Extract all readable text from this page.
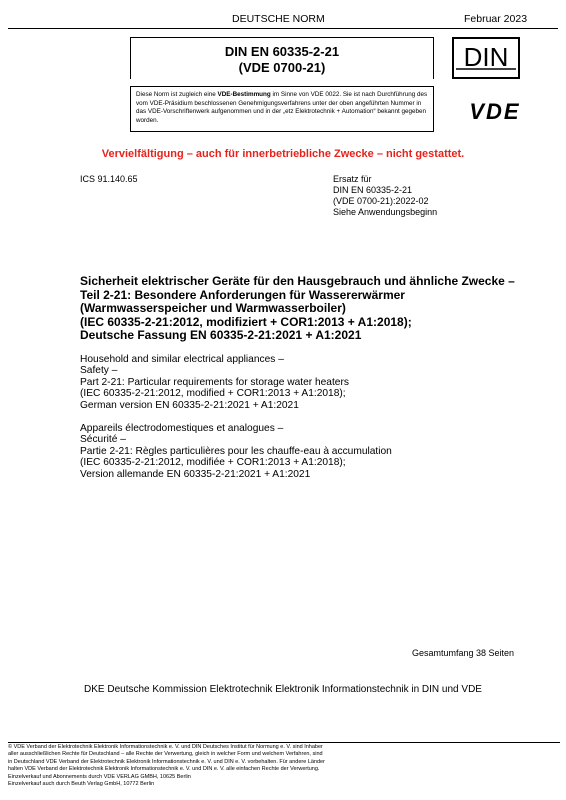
DEUTSCHE NORM	Februar 2023
DIN EN 60335-2-21
(VDE 0700-21)	DIN
Diese Norm ist zugleich eine VDE-Bestimmung im Sinne von VDE 0022. Sie ist nach Durchführung des vom VDE-Präsidium beschlossenen Genehmigungsverfahrens unter der oben angeführten Nummer in das VDE-Vorschriftenwerk aufgenommen und in der „etz Elektrotechnik + Automation“ bekannt gegeben worden.	VDE
Vervielfältigung – auch für innerbetriebliche Zwecke – nicht gestattet.
ICS 91.140.65	Ersatz für
DIN EN 60335-2-21
(VDE 0700-21):2022-02
Siehe Anwendungsbeginn
Sicherheit elektrischer Geräte für den Hausgebrauch und ähnliche Zwecke –
Teil 2-21: Besondere Anforderungen für Wassererwärmer
(Warmwasserspeicher und Warmwasserboiler)
(IEC 60335-2-21:2012, modifiziert + COR1:2013 + A1:2018);
Deutsche Fassung EN 60335-2-21:2021 + A1:2021
Household and similar electrical appliances –
Safety –
Part 2-21: Particular requirements for storage water heaters
(IEC 60335-2-21:2012, modified + COR1:2013 + A1:2018);
German version EN 60335-2-21:2021 + A1:2021
Appareils électrodomestiques et analogues –
Sécurité –
Partie 2-21: Règles particulières pour les chauffe-eau à accumulation
(IEC 60335-2-21:2012, modifiée + COR1:2013 + A1:2018);
Version allemande EN 60335-2-21:2021 + A1:2021
Gesamtumfang 38 Seiten
DKE Deutsche Kommission Elektrotechnik Elektronik Informationstechnik in DIN und VDE
© VDE Verband der Elektrotechnik Elektronik Informationstechnik e. V. und DIN Deutsches Institut für Normung e. V. sind Inhaber
aller ausschließlichen Rechte für Deutschland – alle Rechte der Verwertung, gleich in welcher Form und welchem Verfahren, sind
in Deutschland VDE Verband der Elektrotechnik Elektronik Informationstechnik e. V. und DIN e. V. vorbehalten. Für andere Länder
halten VDE Verband der Elektrotechnik Elektronik Informationstechnik e. V. und DIN e. V. alle einfachen Rechte der Verwertung.
Einzelverkauf und Abonnements durch VDE VERLAG GMBH, 10625 Berlin
Einzelverkauf auch durch Beuth Verlag GmbH, 10772 Berlin
